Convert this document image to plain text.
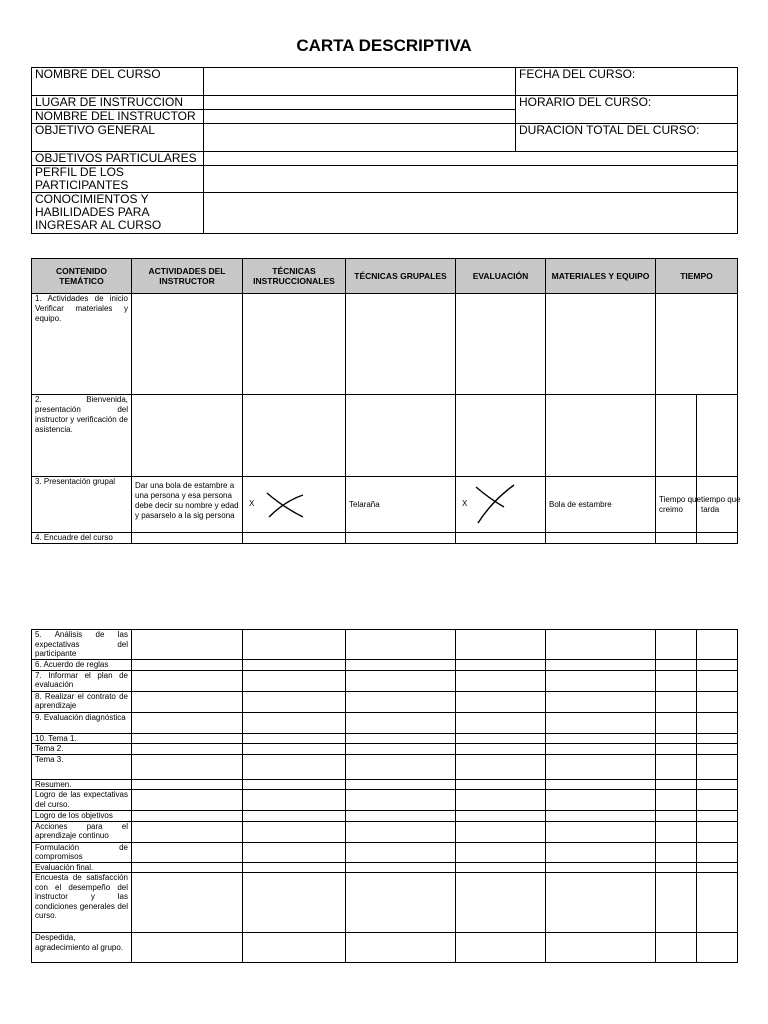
CARTA DESCRIPTIVA
NOMBRE DEL CURSO		FECHA DEL CURSO:
LUGAR DE INSTRUCCION		HORARIO DEL CURSO:
NOMBRE DEL INSTRUCTOR		
OBJETIVO GENERAL		DURACION TOTAL DEL CURSO:
OBJETIVOS PARTICULARES		
PERFIL DE LOS PARTICIPANTES		
CONOCIMIENTOS Y HABILIDADES PARA INGRESAR AL CURSO		
CONTENIDO TEMÁTICO	ACTIVIDADES DEL INSTRUCTOR	TÉCNICAS INSTRUCCIONALES	TÉCNICAS GRUPALES	EVALUACIÓN	MATERIALES Y EQUIPO	TIEMPO	
1. Actividades de inicio Verificar materiales y equipo.							
2. Bienvenida, presentación del instructor y verificación de asistencia.							
3. Presentación grupal	Dar una bola de estambre a una persona y esa persona debe decir su nombre y edad y pasarselo a la sig persona	X	Telaraña	X	Bola de estambre	Tiempo que creimo	tiempo que tarda

4. Encuadre del curso							
5. Análisis de las expectativas del participante							
6. Acuerdo de reglas							
7. Informar el plan de evaluación							
8. Realizar el contrato de aprendizaje							
9. Evaluación diagnóstica							
10. Tema 1.							
Tema 2.							
Tema 3.							
Resumen.							
Logro de las expectativas del curso.							
Logro de los objetivos							
Acciones para el aprendizaje continuo							
Formulación de compromisos							
Evaluación final.							
Encuesta de satisfacción con el desempeño del instructor y las condiciones generales del curso.							
Despedida, agradecimiento al grupo.							
